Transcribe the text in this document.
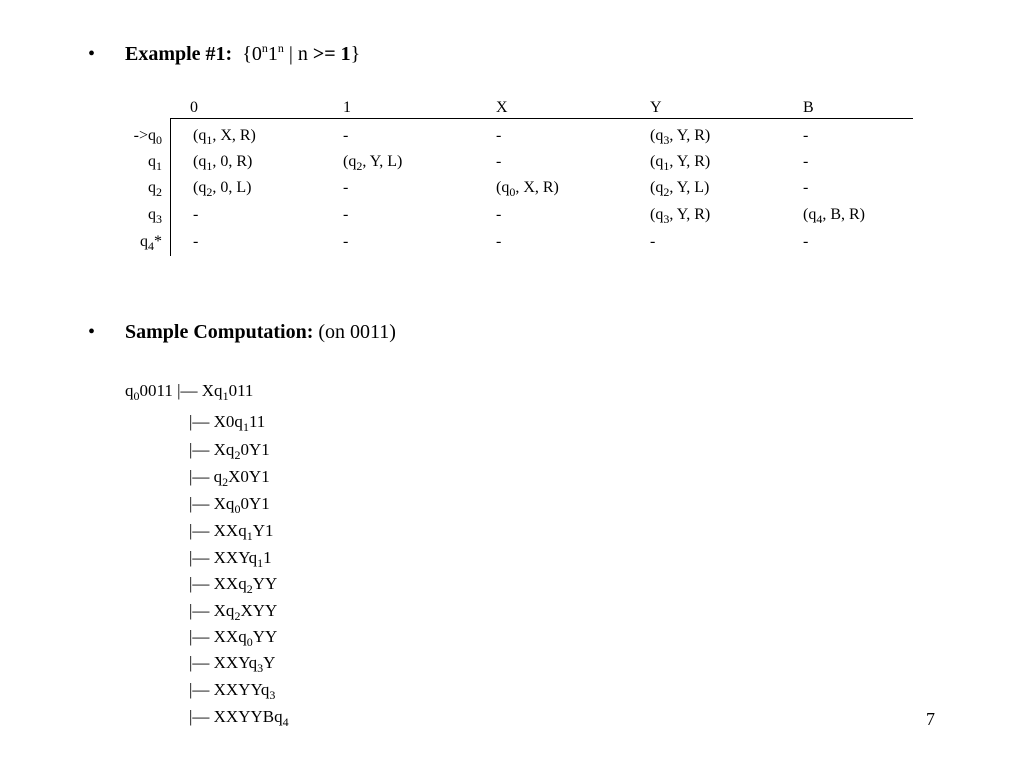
• Example #1: {0$^n$1$^n$ | n >= 1}
0	1	X	Y	B
$->q_0$ ($q_1$, X, R)	-	-	($q_3$, Y, R)	-
$q_1$ ($q_1$, 0, R)	($q_2$, Y, L)	-	($q_1$, Y, R)	-
$q_2$ ($q_2$, 0, L)	-	($q_0$, X, R)	($q_2$, Y, L)	-
$q_3$ -	-	-	($q_3$, Y, R)	($q_4$, B, R)
$q_4*$ -	-	-	-	-
• Sample Computation: (on 0011)
$q_00011$ |— $Xq_1011$
|— $X0q_111$
|— $Xq_20Y1$
|— $q_2X0Y1$
|— $Xq_00Y1$
|— XXq$_1$Y1
|— XXYq$_1$1
|— XXq$_2$YY
|— $Xq_2XYY$
|— XXq$_0$YY
|— XXYq$_3$Y
|— XXYYq$_3$
|— XXYYBq$_4$	7
